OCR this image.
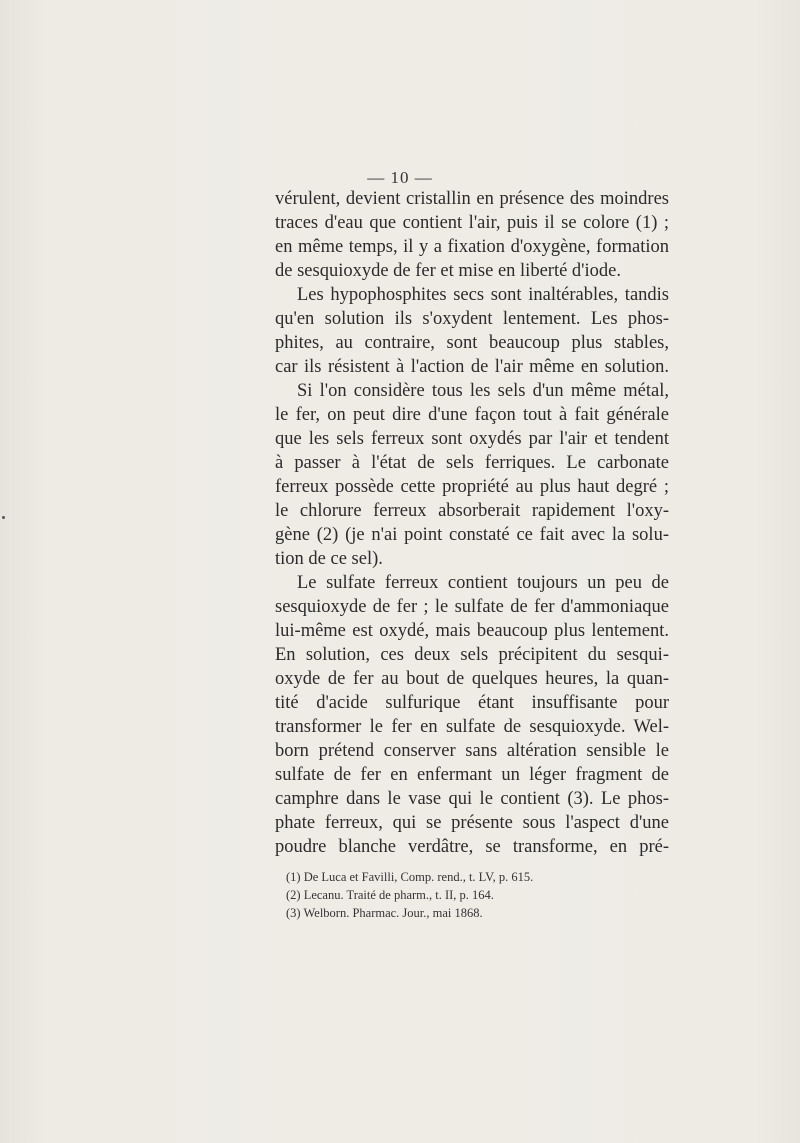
— 10 —
vérulent, devient cristallin en présence des moindres
traces d'eau que contient l'air, puis il se colore (1) ;
en même temps, il y a fixation d'oxygène, formation
de sesquioxyde de fer et mise en liberté d'iode.
Les hypophosphites secs sont inaltérables, tandis
qu'en solution ils s'oxydent lentement. Les phos-
phites, au contraire, sont beaucoup plus stables,
car ils résistent à l'action de l'air même en solution.
Si l'on considère tous les sels d'un même métal,
le fer, on peut dire d'une façon tout à fait générale
que les sels ferreux sont oxydés par l'air et tendent
à passer à l'état de sels ferriques. Le carbonate
ferreux possède cette propriété au plus haut degré ;
le chlorure ferreux absorberait rapidement l'oxy-
gène (2) (je n'ai point constaté ce fait avec la solu-
tion de ce sel).
Le sulfate ferreux contient toujours un peu de
sesquioxyde de fer ; le sulfate de fer d'ammoniaque
lui-même est oxydé, mais beaucoup plus lentement.
En solution, ces deux sels précipitent du sesqui-
oxyde de fer au bout de quelques heures, la quan-
tité d'acide sulfurique étant insuffisante pour
transformer le fer en sulfate de sesquioxyde. Wel-
born prétend conserver sans altération sensible le
sulfate de fer en enfermant un léger fragment de
camphre dans le vase qui le contient (3). Le phos-
phate ferreux, qui se présente sous l'aspect d'une
poudre blanche verdâtre, se transforme, en pré-
(1) De Luca et Favilli, Comp. rend., t. LV, p. 615.
(2) Lecanu. Traité de pharm., t. II, p. 164.
(3) Welborn. Pharmac. Jour., mai 1868.
